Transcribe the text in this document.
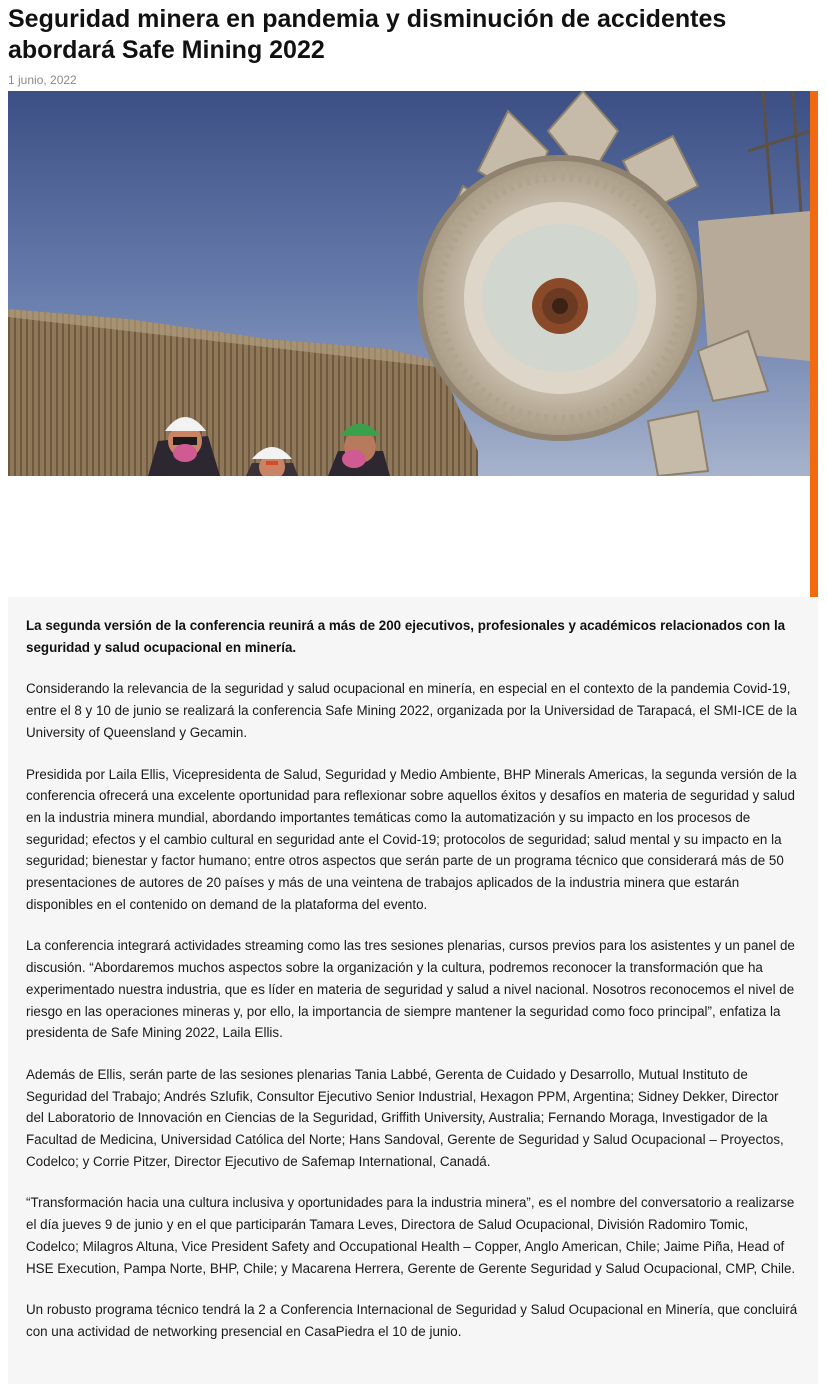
Seguridad minera en pandemia y disminución de accidentes abordará Safe Mining 2022
1 junio, 2022

La segunda versión de la conferencia reunirá a más de 200 ejecutivos, profesionales y académicos relacionados con la seguridad y salud ocupacional en minería.

Considerando la relevancia de la seguridad y salud ocupacional en minería, en especial en el contexto de la pandemia Covid-19, entre el 8 y 10 de junio se realizará la conferencia Safe Mining 2022, organizada por la Universidad de Tarapacá, el SMI-ICE de la University of Queensland y Gecamin.

Presidida por Laila Ellis, Vicepresidenta de Salud, Seguridad y Medio Ambiente, BHP Minerals Americas, la segunda versión de la conferencia ofrecerá una excelente oportunidad para reflexionar sobre aquellos éxitos y desafíos en materia de seguridad y salud en la industria minera mundial, abordando importantes temáticas como la automatización y su impacto en los procesos de seguridad; efectos y el cambio cultural en seguridad ante el Covid-19; protocolos de seguridad; salud mental y su impacto en la seguridad; bienestar y factor humano; entre otros aspectos que serán parte de un programa técnico que considerará más de 50 presentaciones de autores de 20 países y más de una veintena de trabajos aplicados de la industria minera que estarán disponibles en el contenido on demand de la plataforma del evento.

La conferencia integrará actividades streaming como las tres sesiones plenarias, cursos previos para los asistentes y un panel de discusión. “Abordaremos muchos aspectos sobre la organización y la cultura, podremos reconocer la transformación que ha experimentado nuestra industria, que es líder en materia de seguridad y salud a nivel nacional. Nosotros reconocemos el nivel de riesgo en las operaciones mineras y, por ello, la importancia de siempre mantener la seguridad como foco principal”, enfatiza la presidenta de Safe Mining 2022, Laila Ellis.

Además de Ellis, serán parte de las sesiones plenarias Tania Labbé, Gerenta de Cuidado y Desarrollo, Mutual Instituto de Seguridad del Trabajo; Andrés Szlufik, Consultor Ejecutivo Senior Industrial, Hexagon PPM, Argentina; Sidney Dekker, Director del Laboratorio de Innovación en Ciencias de la Seguridad, Griffith University, Australia; Fernando Moraga, Investigador de la Facultad de Medicina, Universidad Católica del Norte; Hans Sandoval, Gerente de Seguridad y Salud Ocupacional – Proyectos, Codelco; y Corrie Pitzer, Director Ejecutivo de Safemap International, Canadá.

“Transformación hacia una cultura inclusiva y oportunidades para la industria minera”, es el nombre del conversatorio a realizarse el día jueves 9 de junio y en el que participarán Tamara Leves, Directora de Salud Ocupacional, División Radomiro Tomic, Codelco; Milagros Altuna, Vice President Safety and Occupational Health – Copper, Anglo American, Chile; Jaime Piña, Head of HSE Execution, Pampa Norte, BHP, Chile; y Macarena Herrera, Gerente de Gerente Seguridad y Salud Ocupacional, CMP, Chile.

Un robusto programa técnico tendrá la 2 a Conferencia Internacional de Seguridad y Salud Ocupacional en Minería, que concluirá con una actividad de networking presencial en CasaPiedra el 10 de junio.
